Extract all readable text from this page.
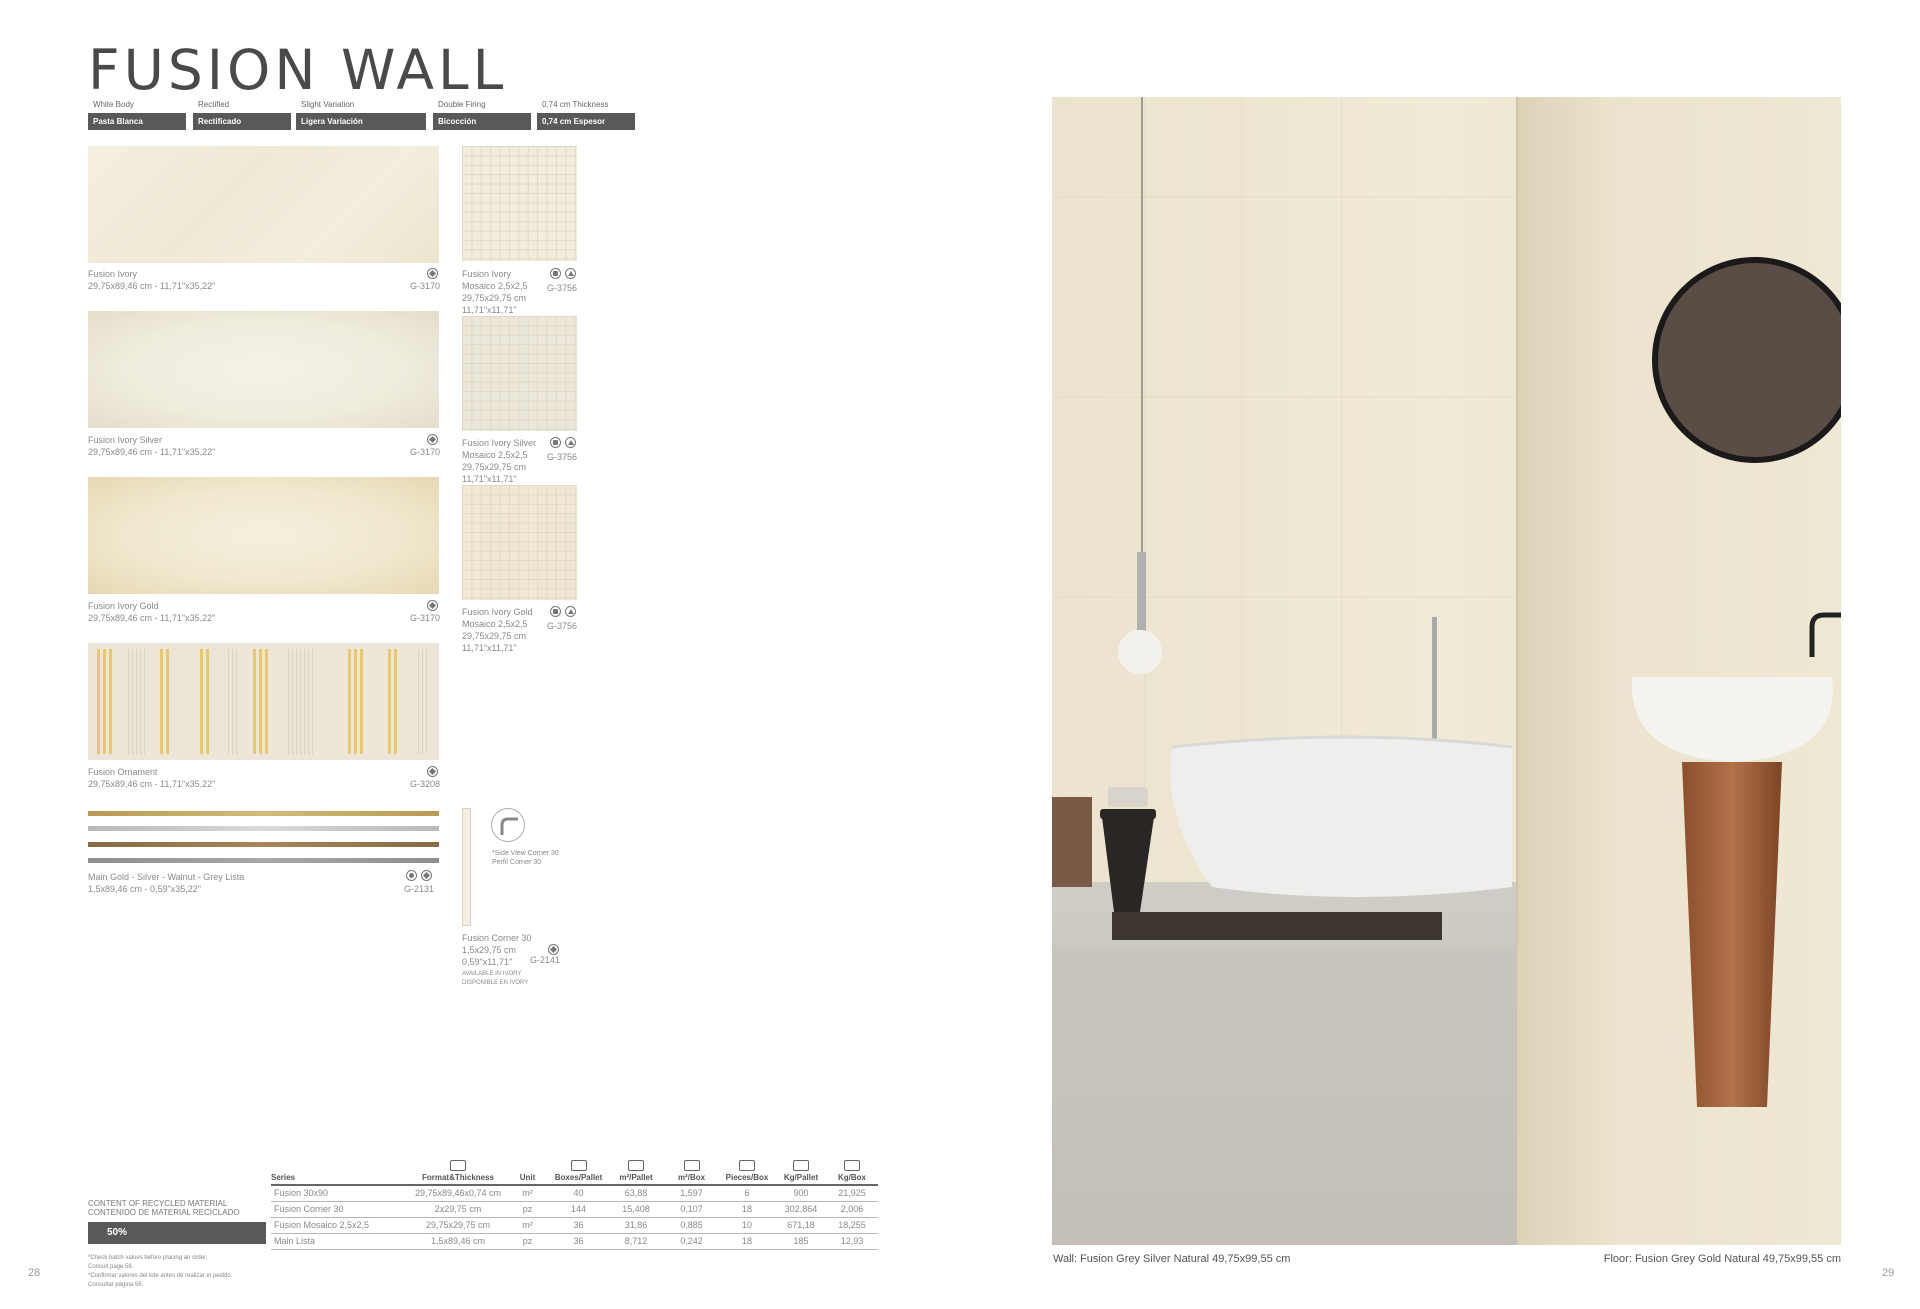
FUSION WALL
White Body
Pasta Blanca
Rectified
Rectificado
Slight Variation
Ligera Variación
Double Firing
Bicocción
0,74 cm Thickness
0,74 cm Espesor
Fusion Ivory
29,75x89,46 cm - 11,71"x35,22"	G-3170
Fusion Ivory Silver
29,75x89,46 cm - 11,71"x35,22"	G-3170
Fusion Ivory Gold
29,75x89,46 cm - 11,71"x35,22"	G-3170
Fusion Ornament
29,75x89,46 cm - 11,71"x35,22"	G-3208
Main Gold - Silver - Walnut - Grey Lista
1,5x89,46 cm - 0,59"x35,22"	G-2131
Fusion Ivory
Mosaico 2,5x2,5
29,75x29,75 cm
11,71"x11,71"
G-3756
Fusion Ivory Silver
Mosaico 2,5x2,5
29,75x29,75 cm
11,71"x11,71"
G-3756
Fusion Ivory Gold
Mosaico 2,5x2,5
29,75x29,75 cm
11,71"x11,71"
G-3756
*Side View Corner 30
Perfil Corner 30
Fusion Corner 30
1,5x29,75 cm
0,59"x11,71" G-2141
AVAILABLE IN IVORY
DISPONIBLE EN IVORY
Series	Format&Thickness	Unit	Boxes/Pallet	m²/Pallet	m²/Box	Pieces/Box	Kg/Pallet	Kg/Box
Fusion 30x90	29,75x89,46x0,74 cm	m²	40	63,88	1,597	6	900	21,925
Fusion Corner 30	2x29,75 cm	pz	144	15,408	0,107	18	302,864	2,006
Fusion Mosaico 2,5x2,5	29,75x29,75 cm	m²	36	31,86	0,885	10	671,18	18,255
Main Lista	1,5x89,46 cm	pz	36	8,712	0,242	18	185	12,93
CONTENT OF RECYCLED MATERIAL
CONTENIDO DE MATERIAL RECICLADO
50%
*Check batch values before placing an order.
Consult page 58.
*Confirmar valores del lote antes de realizar el pedido.
Consultar página 58.
28	29
Wall: Fusion Grey Silver Natural 49,75x99,55 cm	Floor: Fusion Grey Gold Natural 49,75x99,55 cm
